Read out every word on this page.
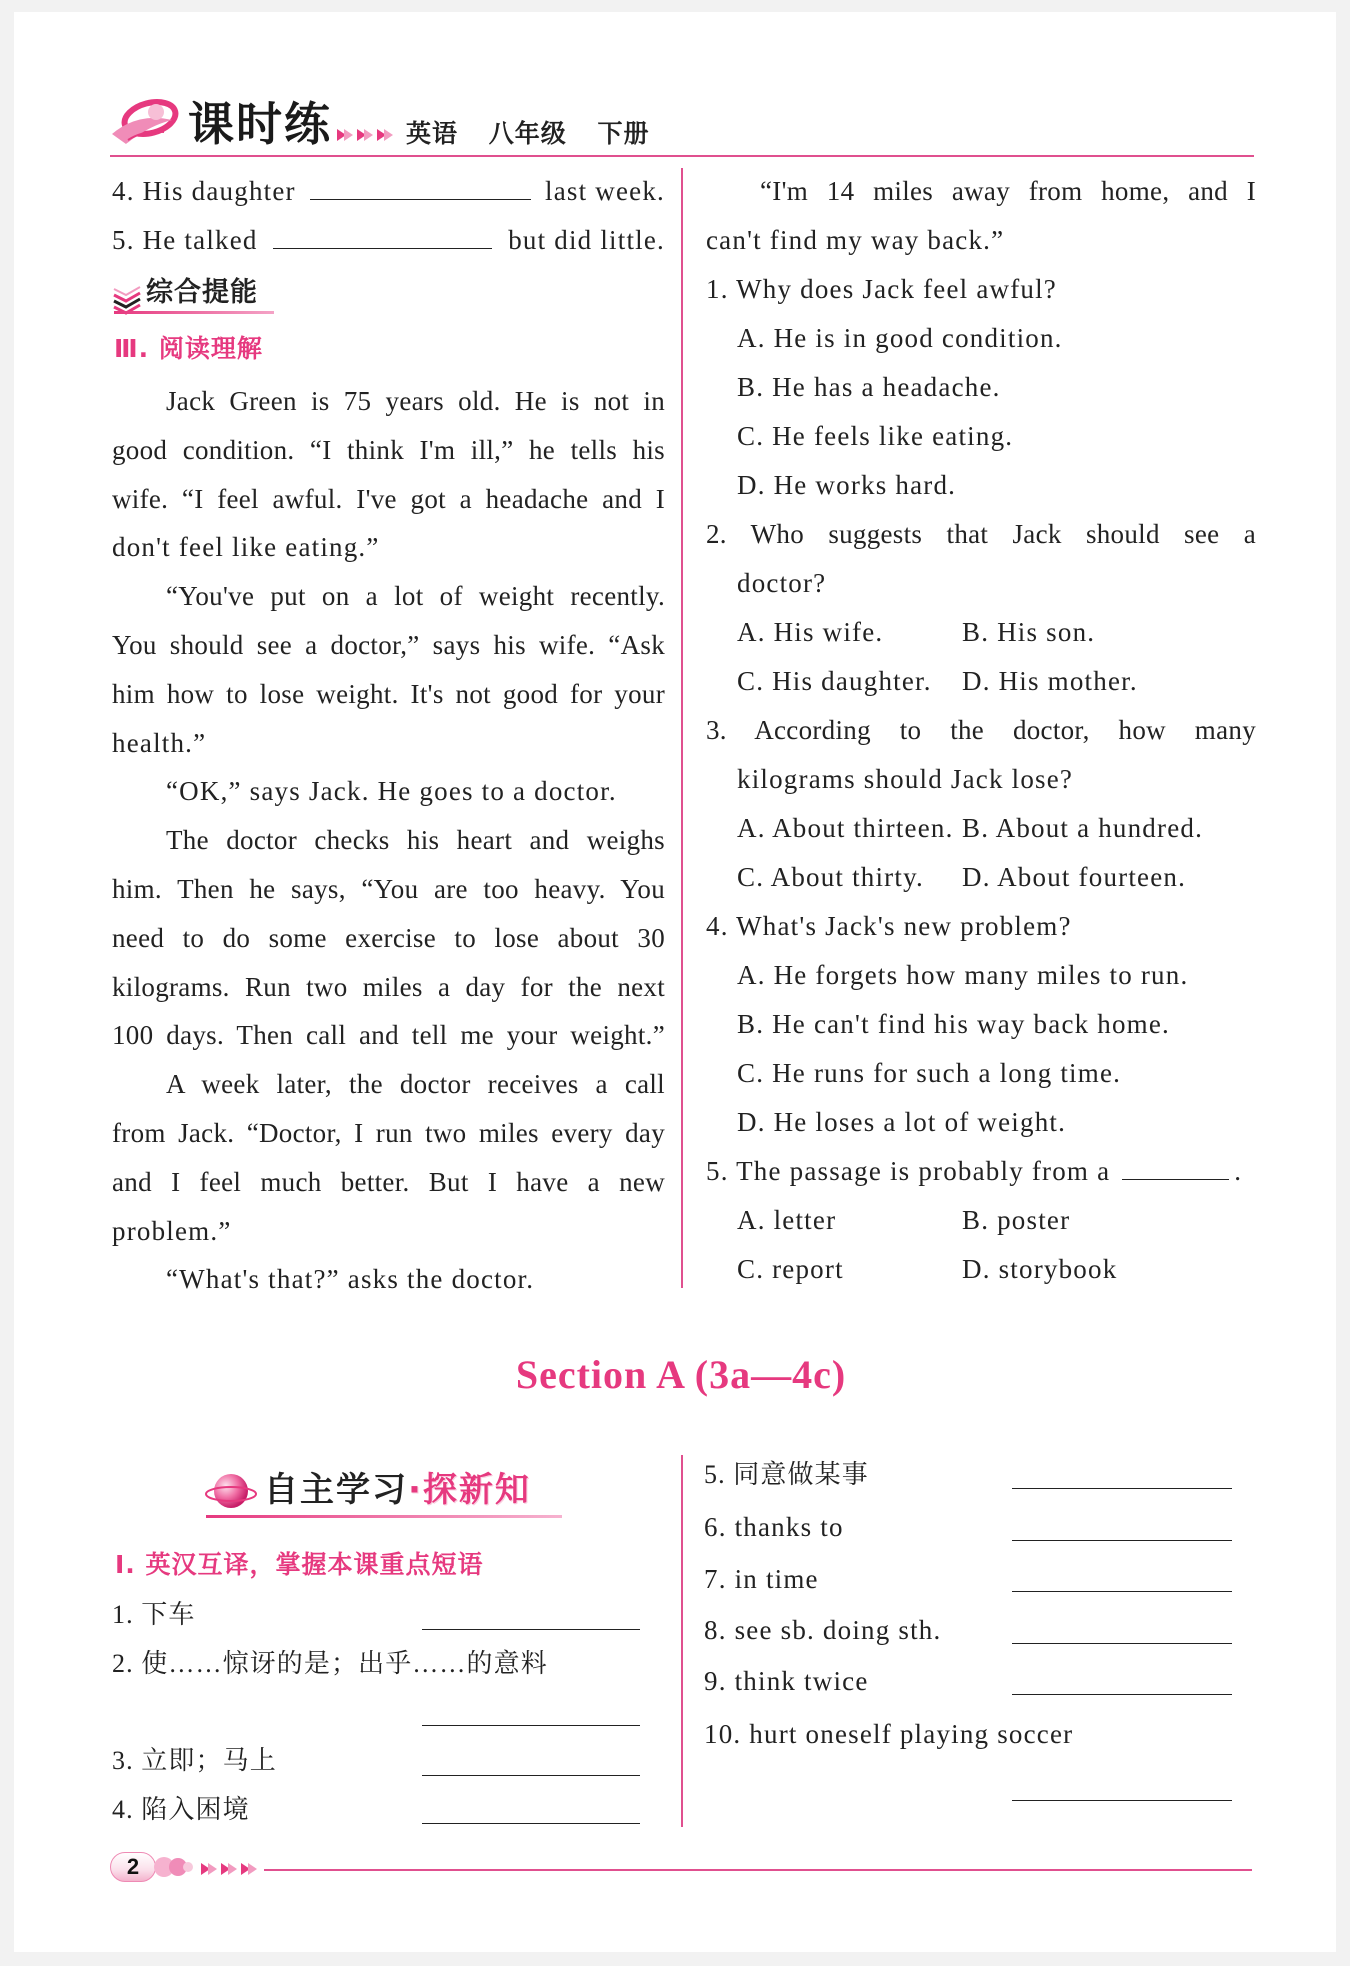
课时练	英语 八年级 下册
4. His daughter	last week.
5. He talked	but did little.
综合提能
Ⅲ. 阅读理解
Jack Green is 75 years old. He is not in
good condition. “I think I'm ill,” he tells his
wife. “I feel awful. I've got a headache and I
don't feel like eating.”
“You've put on a lot of weight recently.
You should see a doctor,” says his wife. “Ask
him how to lose weight. It's not good for your
health.”
“OK,” says Jack. He goes to a doctor.
The doctor checks his heart and weighs
him. Then he says, “You are too heavy. You
need to do some exercise to lose about 30
kilograms. Run two miles a day for the next
100 days. Then call and tell me your weight.”
A week later, the doctor receives a call
from Jack. “Doctor, I run two miles every day
and I feel much better. But I have a new
problem.”
“What's that?” asks the doctor.
“I'm 14 miles away from home, and I
can't find my way back.”
1. Why does Jack feel awful?
A. He is in good condition.
B. He has a headache.
C. He feels like eating.
D. He works hard.
2. Who suggests that Jack should see a
doctor?
A. His wife.	B. His son.
C. His daughter. D. His mother.
3. According to the doctor, how many
kilograms should Jack lose?
A. About thirteen. B. About a hundred.
C. About thirty. D. About fourteen.
4. What's Jack's new problem?
A. He forgets how many miles to run.
B. He can't find his way back home.
C. He runs for such a long time.
D. He loses a lot of weight.
5. The passage is probably from a	.
A. letter	B. poster
C. report	D. storybook
Section A (3a—4c)
自主学习 · 探新知
Ⅰ. 英汉互译，掌握本课重点短语
1. 下车
2. 使……惊讶的是；出乎……的意料
3. 立即；马上
4. 陷入困境
5. 同意做某事
6. thanks to
7. in time
8. see sb. doing sth.
9. think twice
10. hurt oneself playing soccer
2
